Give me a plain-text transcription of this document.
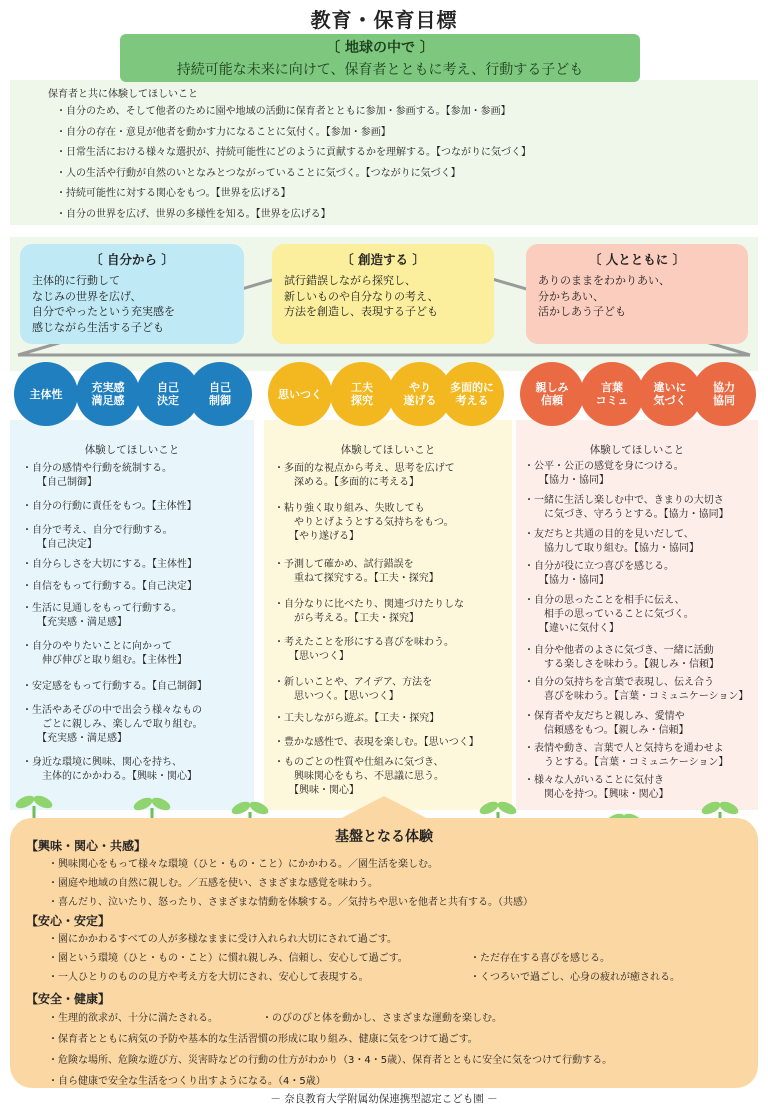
教育・保育目標
保育者と共に体験してほしいこと
・自分のため、そして他者のために園や地域の活動に保育者とともに参加・参画する。【参加・参画】
・自分の存在・意見が他者を動かす力になることに気付く。【参加・参画】
・日常生活における様々な選択が、持続可能性にどのように貢献するかを理解する。【つながりに気づく】
・人の生活や行動が自然のいとなみとつながっていることに気づく。【つながりに気づく】
・持続可能性に対する関心をもつ。【世界を広げる】
・自分の世界を広げ、世界の多様性を知る。【世界を広げる】
〔 地球の中で 〕
持続可能な未来に向けて、保育者とともに考え、行動する子ども
〔 自分から 〕
主体的に行動して
なじみの世界を広げ、
自分でやったという充実感を
感じながら生活する子ども
〔 創造する 〕
試行錯誤しながら探究し、
新しいものや自分なりの考え、
方法を創造し、表現する子ども
〔 人とともに 〕
ありのままをわかりあい、
分かちあい、
活かしあう子ども
体験してほしいこと
・自分の感情や行動を統制する。
　　【自己制御】
・自分の行動に責任をもつ。【主体性】
・自分で考え、自分で行動する。
　　【自己決定】
・自分らしさを大切にする。【主体性】
・自信をもって行動する。【自己決定】
・生活に見通しをもって行動する。
　　【充実感・満足感】
・自分のやりたいことに向かって
　　伸び伸びと取り組む。【主体性】
・安定感をもって行動する。【自己制御】
・生活やあそびの中で出会う様々なもの
　　ごとに親しみ、楽しんで取り組む。
　　【充実感・満足感】
・身近な環境に興味、関心を持ち、
　　主体的にかかわる。【興味・関心】
体験してほしいこと
・多面的な視点から考え、思考を広げて
　　深める。【多面的に考える】
・粘り強く取り組み、失敗しても
　　やりとげようとする気持ちをもつ。
　　【やり遂げる】
・予測して確かめ、試行錯誤を
　　重ねて探究する。【工夫・探究】
・自分なりに比べたり、関連づけたりしな
　　がら考える。【工夫・探究】
・考えたことを形にする喜びを味わう。
　　【思いつく】
・新しいことや、アイデア、方法を
　　思いつく。【思いつく】
・工夫しながら遊ぶ。【工夫・探究】
・豊かな感性で、表現を楽しむ。【思いつく】
・ものごとの性質や仕組みに気づき、
　　興味関心をもち、不思議に思う。
　　【興味・関心】
体験してほしいこと
・公平・公正の感覚を身につける。
　　【協力・協同】
・一緒に生活し楽しむ中で、きまりの大切さ
　　に気づき、守ろうとする。【協力・協同】
・友だちと共通の目的を見いだして、
　　協力して取り組む。【協力・協同】
・自分が役に立つ喜びを感じる。
　　【協力・協同】
・自分の思ったことを相手に伝え、
　　相手の思っていることに気づく。
　　【違いに気付く】
・自分や他者のよさに気づき、一緒に活動
　　する楽しさを味わう。【親しみ・信頼】
・自分の気持ちを言葉で表現し、伝え合う
　　喜びを味わう。【言葉・コミュニケーション】
・保育者や友だちと親しみ、愛情や
　　信頼感をもつ。【親しみ・信頼】
・表情や動き、言葉で人と気持ちを通わせよ
　　うとする。【言葉・コミュニケーション】
・様々な人がいることに気付き
　　関心を持つ。【興味・関心】
主体性	充実感
満足感
自己
決定
自己
制御	思いつく	工夫
探究
やり
遂げる
多面的に
考える
親しみ
信頼
言葉
コミュ
違いに
気づく
協力
協同
基盤となる体験
【興味・関心・共感】
・興味関心をもって様々な環境（ひと・もの・こと）にかかわる。／園生活を楽しむ。
・園庭や地域の自然に親しむ。／五感を使い、さまざまな感覚を味わう。
・喜んだり、泣いたり、怒ったり、さまざまな情動を体験する。／気持ちや思いを他者と共有する。（共感）
【安心・安定】
・園にかかわるすべての人が多様なままに受け入れられ大切にされて過ごす。
・園という環境（ひと・もの・こと）に慣れ親しみ、信頼し、安心して過ごす。	・ただ存在する喜びを感じる。
・一人ひとりのものの見方や考え方を大切にされ、安心して表現する。	・くつろいで過ごし、心身の疲れが癒される。
【安全・健康】
・生理的欲求が、十分に満たされる。	・のびのびと体を動かし、さまざまな運動を楽しむ。
・保育者とともに病気の予防や基本的な生活習慣の形成に取り組み、健康に気をつけて過ごす。
・危険な場所、危険な遊び方、災害時などの行動の仕方がわかり（3・4・5歳）、保育者とともに安全に気をつけて行動する。
・自ら健康で安全な生活をつくり出すようになる。（4・5歳）
－ 奈良教育大学附属幼保連携型認定こども園 －
